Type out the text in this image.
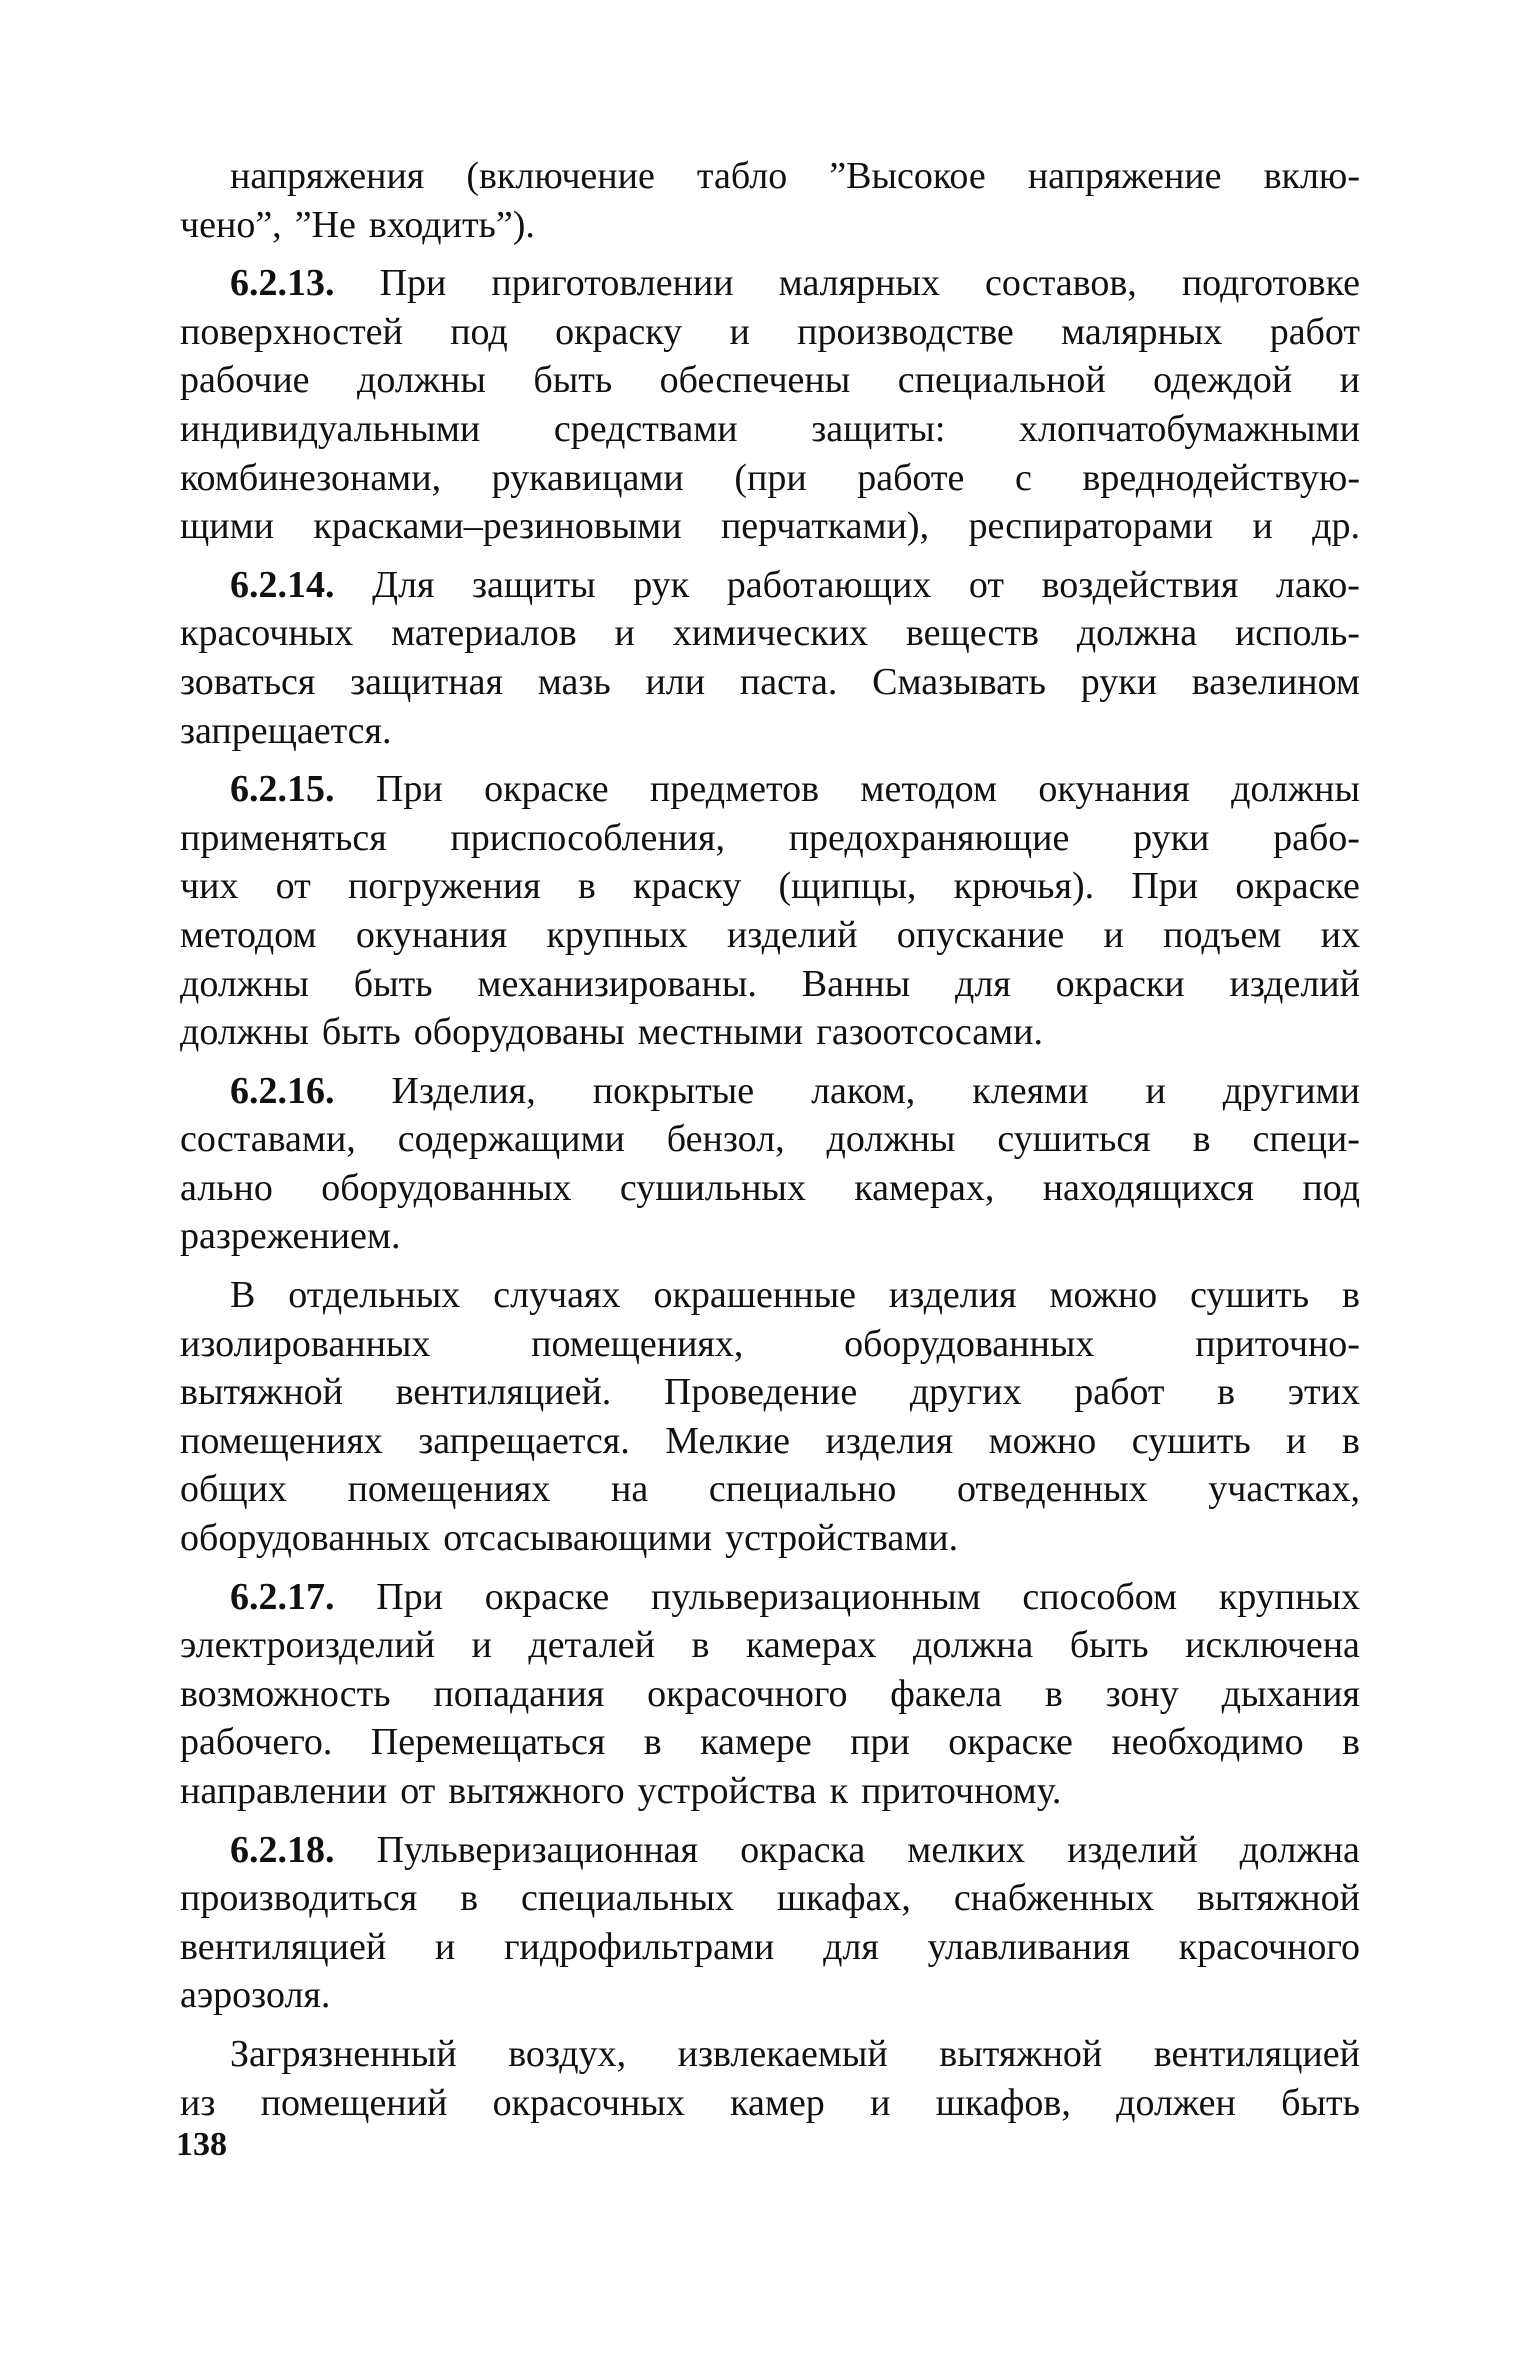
напряжения (включение табло ”Высокое напряжение вклю-
чено”, ”Не входить”).
6.2.13. При приготовлении малярных составов, подготовке
поверхностей под окраску и производстве малярных работ
рабочие должны быть обеспечены специальной одеждой и
индивидуальными средствами защиты: хлопчатобумажными
комбинезонами, рукавицами (при работе с вреднодействую-
щими красками–резиновыми перчатками), респираторами и др.
6.2.14. Для защиты рук работающих от воздействия лако-
красочных материалов и химических веществ должна исполь-
зоваться защитная мазь или паста. Смазывать руки вазелином
запрещается.
6.2.15. При окраске предметов методом окунания должны
применяться приспособления, предохраняющие руки рабо-
чих от погружения в краску (щипцы, крючья). При окраске
методом окунания крупных изделий опускание и подъем их
должны быть механизированы. Ванны для окраски изделий
должны быть оборудованы местными газоотсосами.
6.2.16. Изделия, покрытые лаком, клеями и другими
составами, содержащими бензол, должны сушиться в специ-
ально оборудованных сушильных камерах, находящихся под
разрежением.
В отдельных случаях окрашенные изделия можно сушить в
изолированных	помещениях,	оборудованных	приточно-
вытяжной вентиляцией. Проведение других работ в этих
помещениях запрещается. Мелкие изделия можно сушить и в
общих помещениях на специально отведенных участках,
оборудованных отсасывающими устройствами.
6.2.17. При окраске пульверизационным способом крупных
электроизделий и деталей в камерах должна быть исключена
возможность попадания окрасочного факела в зону дыхания
рабочего. Перемещаться в камере при окраске необходимо в
направлении от вытяжного устройства к приточному.
6.2.18. Пульверизационная окраска мелких изделий должна
производиться в специальных шкафах, снабженных вытяжной
вентиляцией и гидрофильтрами для улавливания красочного
аэрозоля.
Загрязненный воздух, извлекаемый вытяжной вентиляцией
из помещений окрасочных камер и шкафов, должен быть
138
